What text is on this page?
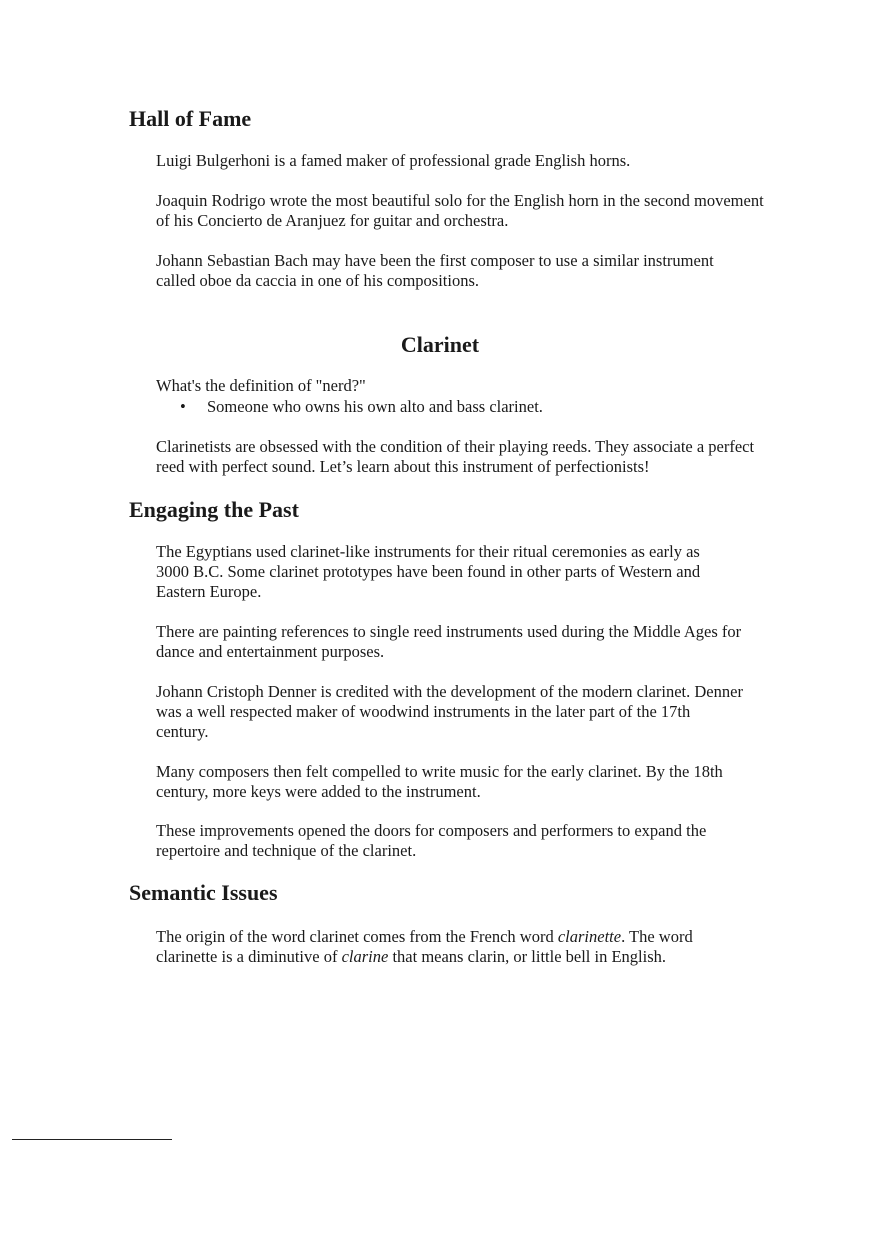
Hall of Fame

Luigi Bulgerhoni is a famed maker of professional grade English horns.

Joaquin Rodrigo wrote the most beautiful solo for the English horn in the second movement of his Concierto de Aranjuez for guitar and orchestra.

Johann Sebastian Bach may have been the first composer to use a similar instrument called oboe da caccia in one of his compositions.

Clarinet

What's the definition of "nerd?"

• Someone who owns his own alto and bass clarinet.

Clarinetists are obsessed with the condition of their playing reeds. They associate a perfect reed with perfect sound. Let’s learn about this instrument of perfectionists!

Engaging the Past

The Egyptians used clarinet-like instruments for their ritual ceremonies as early as 3000 B.C. Some clarinet prototypes have been found in other parts of Western and Eastern Europe.

There are painting references to single reed instruments used during the Middle Ages for dance and entertainment purposes.

Johann Cristoph Denner is credited with the development of the modern clarinet. Denner was a well respected maker of woodwind instruments in the later part of the 17th century.

Many composers then felt compelled to write music for the early clarinet. By the 18th century, more keys were added to the instrument.

These improvements opened the doors for composers and performers to expand the repertoire and technique of the clarinet.

Semantic Issues

The origin of the word clarinet comes from the French word clarinette. The word clarinette is a diminutive of clarine that means clarin, or little bell in English.
